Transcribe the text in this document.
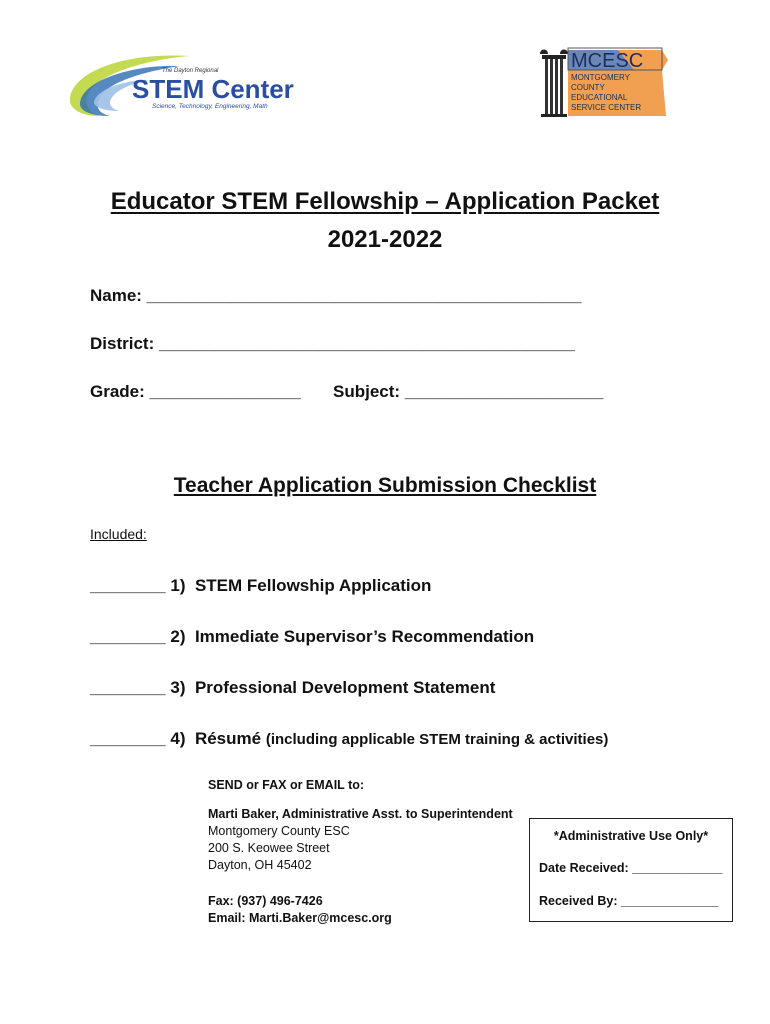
The Dayton Regional
STEM Center
Science, Technology, Engineering, Math
MCESC
MONTGOMERY
COUNTY
EDUCATIONAL
SERVICE CENTER
Educator STEM Fellowship – Application Packet
2021-2022
Name: ______________________________________________
District: ____________________________________________
Grade: ________________ Subject: _____________________
Teacher Application Submission Checklist
Included:
________ 1) STEM Fellowship Application
________ 2) Immediate Supervisor’s Recommendation
________ 3) Professional Development Statement
________ 4) Résumé (including applicable STEM training & activities)
SEND or FAX or EMAIL to:
Marti Baker, Administrative Asst. to Superintendent
Montgomery County ESC
200 S. Keowee Street
Dayton, OH 45402
Fax: (937) 496-7426
Email: Marti.Baker@mcesc.org
*Administrative Use Only*
Date Received: _____________
Received By: ______________
